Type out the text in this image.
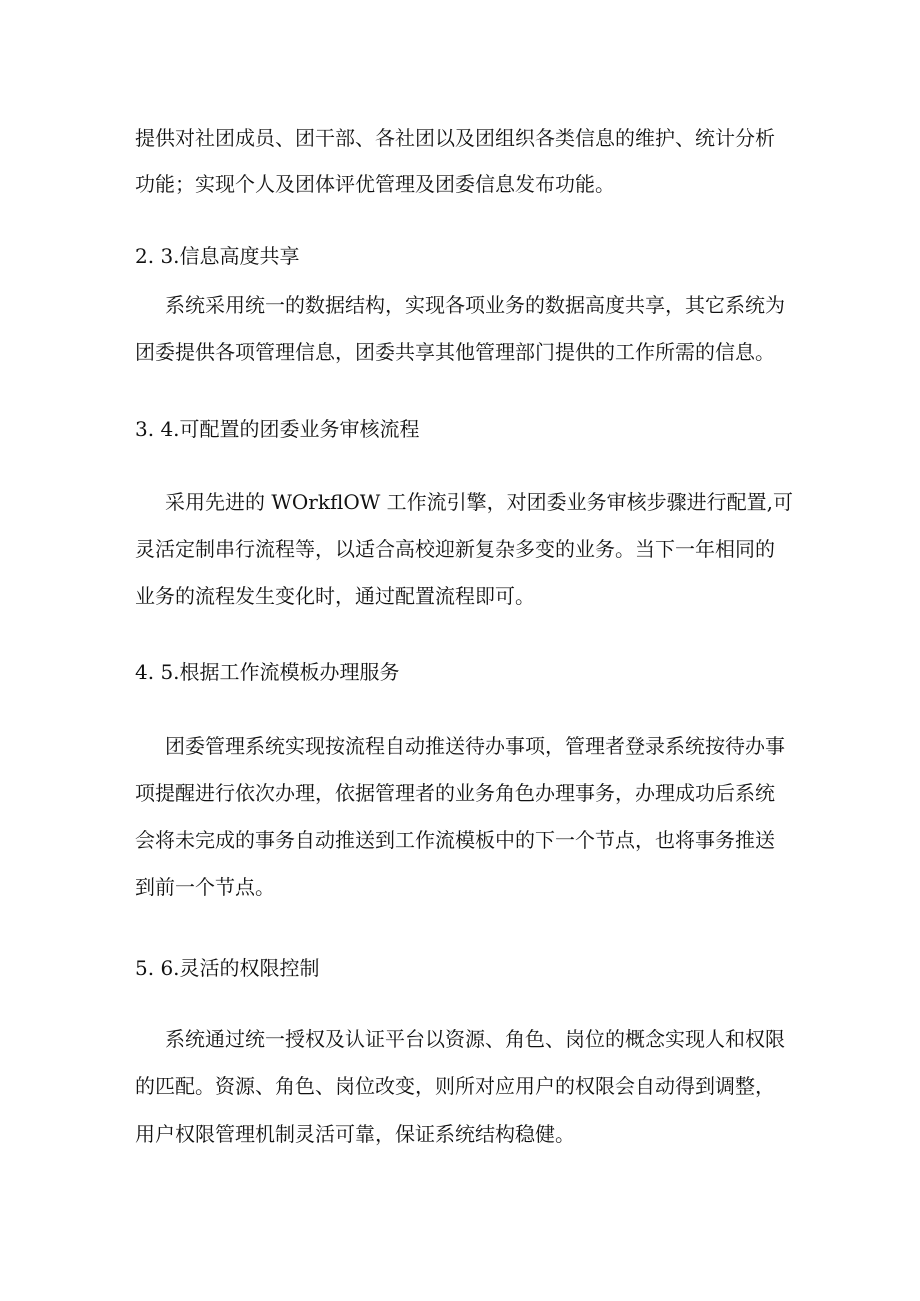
提供对社团成员、团干部、各社团以及团组织各类信息的维护、统计分析
功能；实现个人及团体评优管理及团委信息发布功能。
2. 3.信息高度共享
系统采用统一的数据结构，实现各项业务的数据高度共享，其它系统为
团委提供各项管理信息，团委共享其他管理部门提供的工作所需的信息。
3. 4.可配置的团委业务审核流程
采用先进的 WOrkflOW 工作流引擎，对团委业务审核步骤进行配置,可
灵活定制串行流程等，以适合高校迎新复杂多变的业务。当下一年相同的
业务的流程发生变化时，通过配置流程即可。
4. 5.根据工作流模板办理服务
团委管理系统实现按流程自动推送待办事项，管理者登录系统按待办事
项提醒进行依次办理，依据管理者的业务角色办理事务，办理成功后系统
会将未完成的事务自动推送到工作流模板中的下一个节点，也将事务推送
到前一个节点。
5. 6.灵活的权限控制
系统通过统一授权及认证平台以资源、角色、岗位的概念实现人和权限
的匹配。资源、角色、岗位改变，则所对应用户的权限会自动得到调整，
用户权限管理机制灵活可靠，保证系统结构稳健。
